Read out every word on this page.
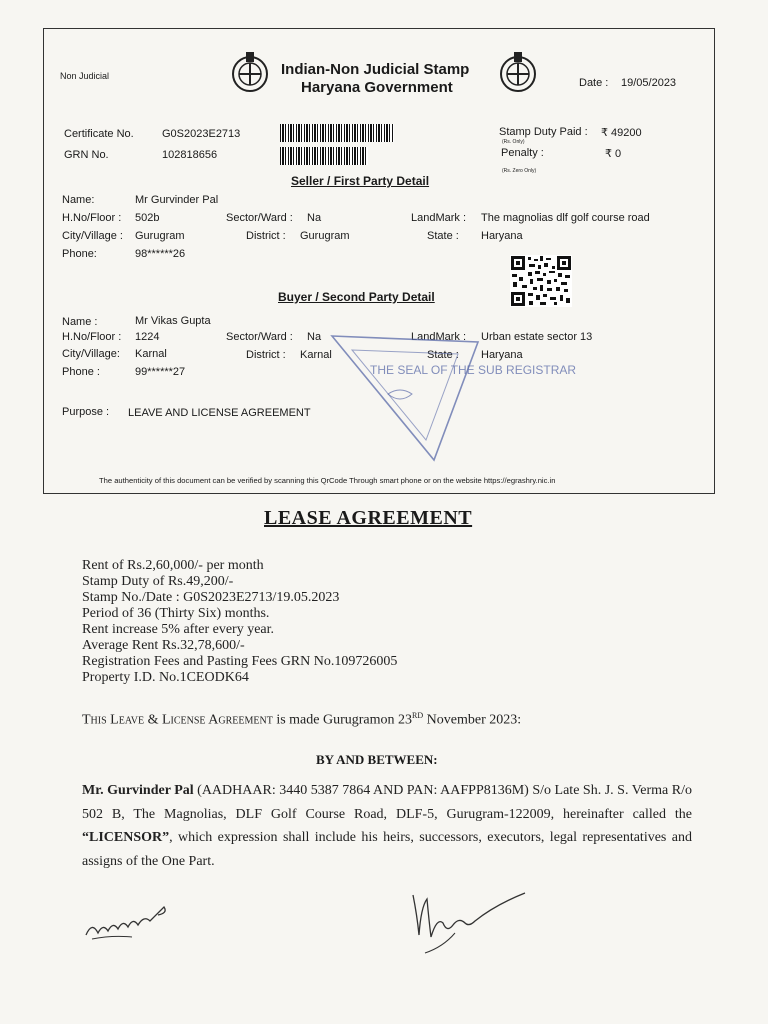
Non Judicial	Indian-Non Judicial Stamp
Haryana Government	Date : 19/05/2023
Certificate No.	G0S2023E2713
GRN No.	102818656
Stamp Duty Paid : ₹ 49200
(Rs. Only)
Penalty :	₹ 0
(Rs. Zero Only)
Seller / First Party Detail
Name:	Mr Gurvinder Pal
H.No/Floor : 502b	Sector/Ward : Na	LandMark : The magnolias dlf golf course road
City/Village : Gurugram	District : Gurugram	State : Haryana
Phone:	98******26
Buyer / Second Party Detail
Name :	Mr Vikas Gupta
H.No/Floor : 1224	Sector/Ward : Na	LandMark : Urban estate sector 13
City/Village: Karnal	District : Karnal	State : Haryana
Phone :	99******27
Purpose : LEAVE AND LICENSE AGREEMENT
THE SEAL OF THE SUB REGISTRAR
The authenticity of this document can be verified by scanning this QrCode Through smart phone or on the website https://egrashry.nic.in
LEASE AGREEMENT
Rent of Rs.2,60,000/- per month
Stamp Duty of Rs.49,200/-
Stamp No./Date : G0S2023E2713/19.05.2023
Period of 36 (Thirty Six) months.
Rent increase 5% after every year.
Average Rent Rs.32,78,600/-
Registration Fees and Pasting Fees GRN No.109726005
Property I.D. No.1CEODK64
This Leave & License Agreement is made Gurugramon 23RD November 2023:
BY AND BETWEEN:
Mr. Gurvinder Pal (AADHAAR: 3440 5387 7864 AND PAN: AAFPP8136M) S/o Late Sh. J. S. Verma R/o 502 B, The Magnolias, DLF Golf Course Road, DLF-5, Gurugram-122009, hereinafter called the “LICENSOR”, which expression shall include his heirs, successors, executors, legal representatives and assigns of the One Part.
